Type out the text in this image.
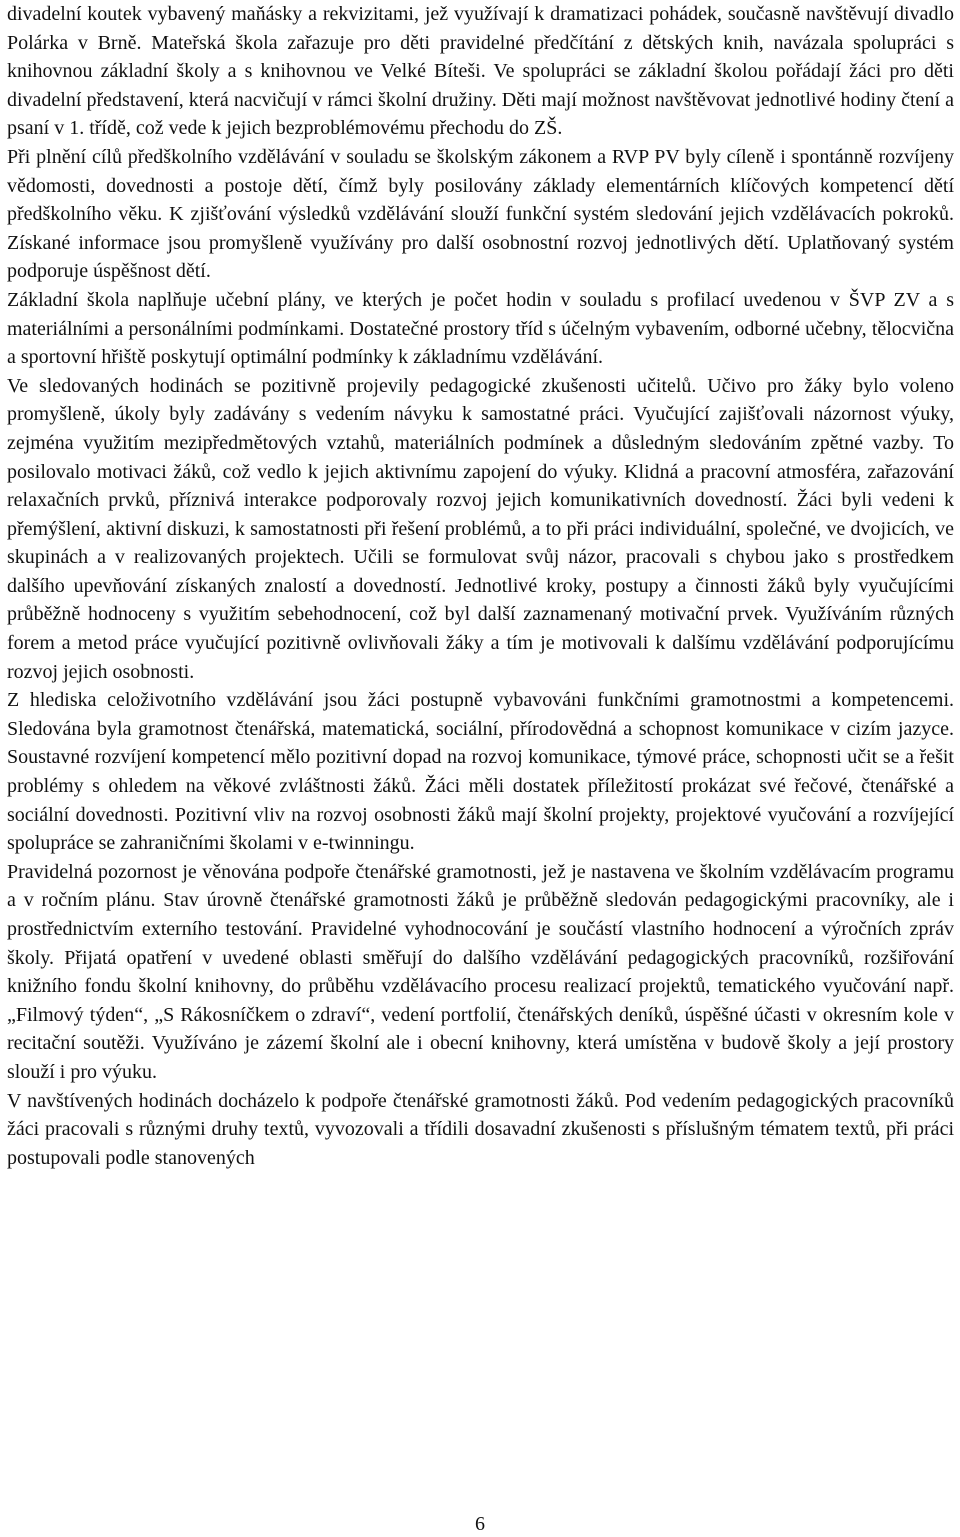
divadelní koutek vybavený maňásky a rekvizitami, jež využívají k dramatizaci pohádek, současně navštěvují divadlo Polárka v Brně. Mateřská škola zařazuje pro děti pravidelné předčítání z dětských knih, navázala spolupráci s knihovnou základní školy a s knihovnou ve Velké Bíteši. Ve spolupráci se základní školou pořádají žáci pro děti divadelní představení, která nacvičují v rámci školní družiny. Děti mají možnost navštěvovat jednotlivé hodiny čtení a psaní v 1. třídě, což vede k jejich bezproblémovému přechodu do ZŠ.

Při plnění cílů předškolního vzdělávání v souladu se školským zákonem a RVP PV byly cíleně i spontánně rozvíjeny vědomosti, dovednosti a postoje dětí, čímž byly posilovány základy elementárních klíčových kompetencí dětí předškolního věku. K zjišťování výsledků vzdělávání slouží funkční systém sledování jejich vzdělávacích pokroků. Získané informace jsou promyšleně využívány pro další osobnostní rozvoj jednotlivých dětí. Uplatňovaný systém podporuje úspěšnost dětí.

Základní škola naplňuje učební plány, ve kterých je počet hodin v souladu s profilací uvedenou v ŠVP ZV a s materiálními a personálními podmínkami. Dostatečné prostory tříd s účelným vybavením, odborné učebny, tělocvična a sportovní hřiště poskytují optimální podmínky k základnímu vzdělávání.

Ve sledovaných hodinách se pozitivně projevily pedagogické zkušenosti učitelů. Učivo pro žáky bylo voleno promyšleně, úkoly byly zadávány s vedením návyku k samostatné práci. Vyučující zajišťovali názornost výuky, zejména využitím mezipředmětových vztahů, materiálních podmínek a důsledným sledováním zpětné vazby. To posilovalo motivaci žáků, což vedlo k jejich aktivnímu zapojení do výuky. Klidná a pracovní atmosféra, zařazování relaxačních prvků, příznivá interakce podporovaly rozvoj jejich komunikativních dovedností. Žáci byli vedeni k přemýšlení, aktivní diskuzi, k samostatnosti při řešení problémů, a to při práci individuální, společné, ve dvojicích, ve skupinách a v realizovaných projektech. Učili se formulovat svůj názor, pracovali s chybou jako s prostředkem dalšího upevňování získaných znalostí a dovedností. Jednotlivé kroky, postupy a činnosti žáků byly vyučujícími průběžně hodnoceny s využitím sebehodnocení, což byl další zaznamenaný motivační prvek. Využíváním různých forem a metod práce vyučující pozitivně ovlivňovali žáky a tím je motivovali k dalšímu vzdělávání podporujícímu rozvoj jejich osobnosti.

Z hlediska celoživotního vzdělávání jsou žáci postupně vybavováni funkčními gramotnostmi a kompetencemi. Sledována byla gramotnost čtenářská, matematická, sociální, přírodovědná a schopnost komunikace v cizím jazyce. Soustavné rozvíjení kompetencí mělo pozitivní dopad na rozvoj komunikace, týmové práce, schopnosti učit se a řešit problémy s ohledem na věkové zvláštnosti žáků. Žáci měli dostatek příležitostí prokázat své řečové, čtenářské a sociální dovednosti. Pozitivní vliv na rozvoj osobnosti žáků mají školní projekty, projektové vyučování a rozvíjející spolupráce se zahraničními školami v e-twinningu.

Pravidelná pozornost je věnována podpoře čtenářské gramotnosti, jež je nastavena ve školním vzdělávacím programu a v ročním plánu. Stav úrovně čtenářské gramotnosti žáků je průběžně sledován pedagogickými pracovníky, ale i prostřednictvím externího testování. Pravidelné vyhodnocování je součástí vlastního hodnocení a výročních zpráv školy. Přijatá opatření v uvedené oblasti směřují do dalšího vzdělávání pedagogických pracovníků, rozšiřování knižního fondu školní knihovny, do průběhu vzdělávacího procesu realizací projektů, tematického vyučování např. „Filmový týden“, „S Rákosníčkem o zdraví“, vedení portfolií, čtenářských deníků, úspěšné účasti v okresním kole v recitační soutěži. Využíváno je zázemí školní ale i obecní knihovny, která umístěna v budově školy a její prostory slouží i pro výuku.

V navštívených hodinách docházelo k podpoře čtenářské gramotnosti žáků. Pod vedením pedagogických pracovníků žáci pracovali s různými druhy textů, vyvozovali a třídili dosavadní zkušenosti s příslušným tématem textů, při práci postupovali podle stanovených

6
